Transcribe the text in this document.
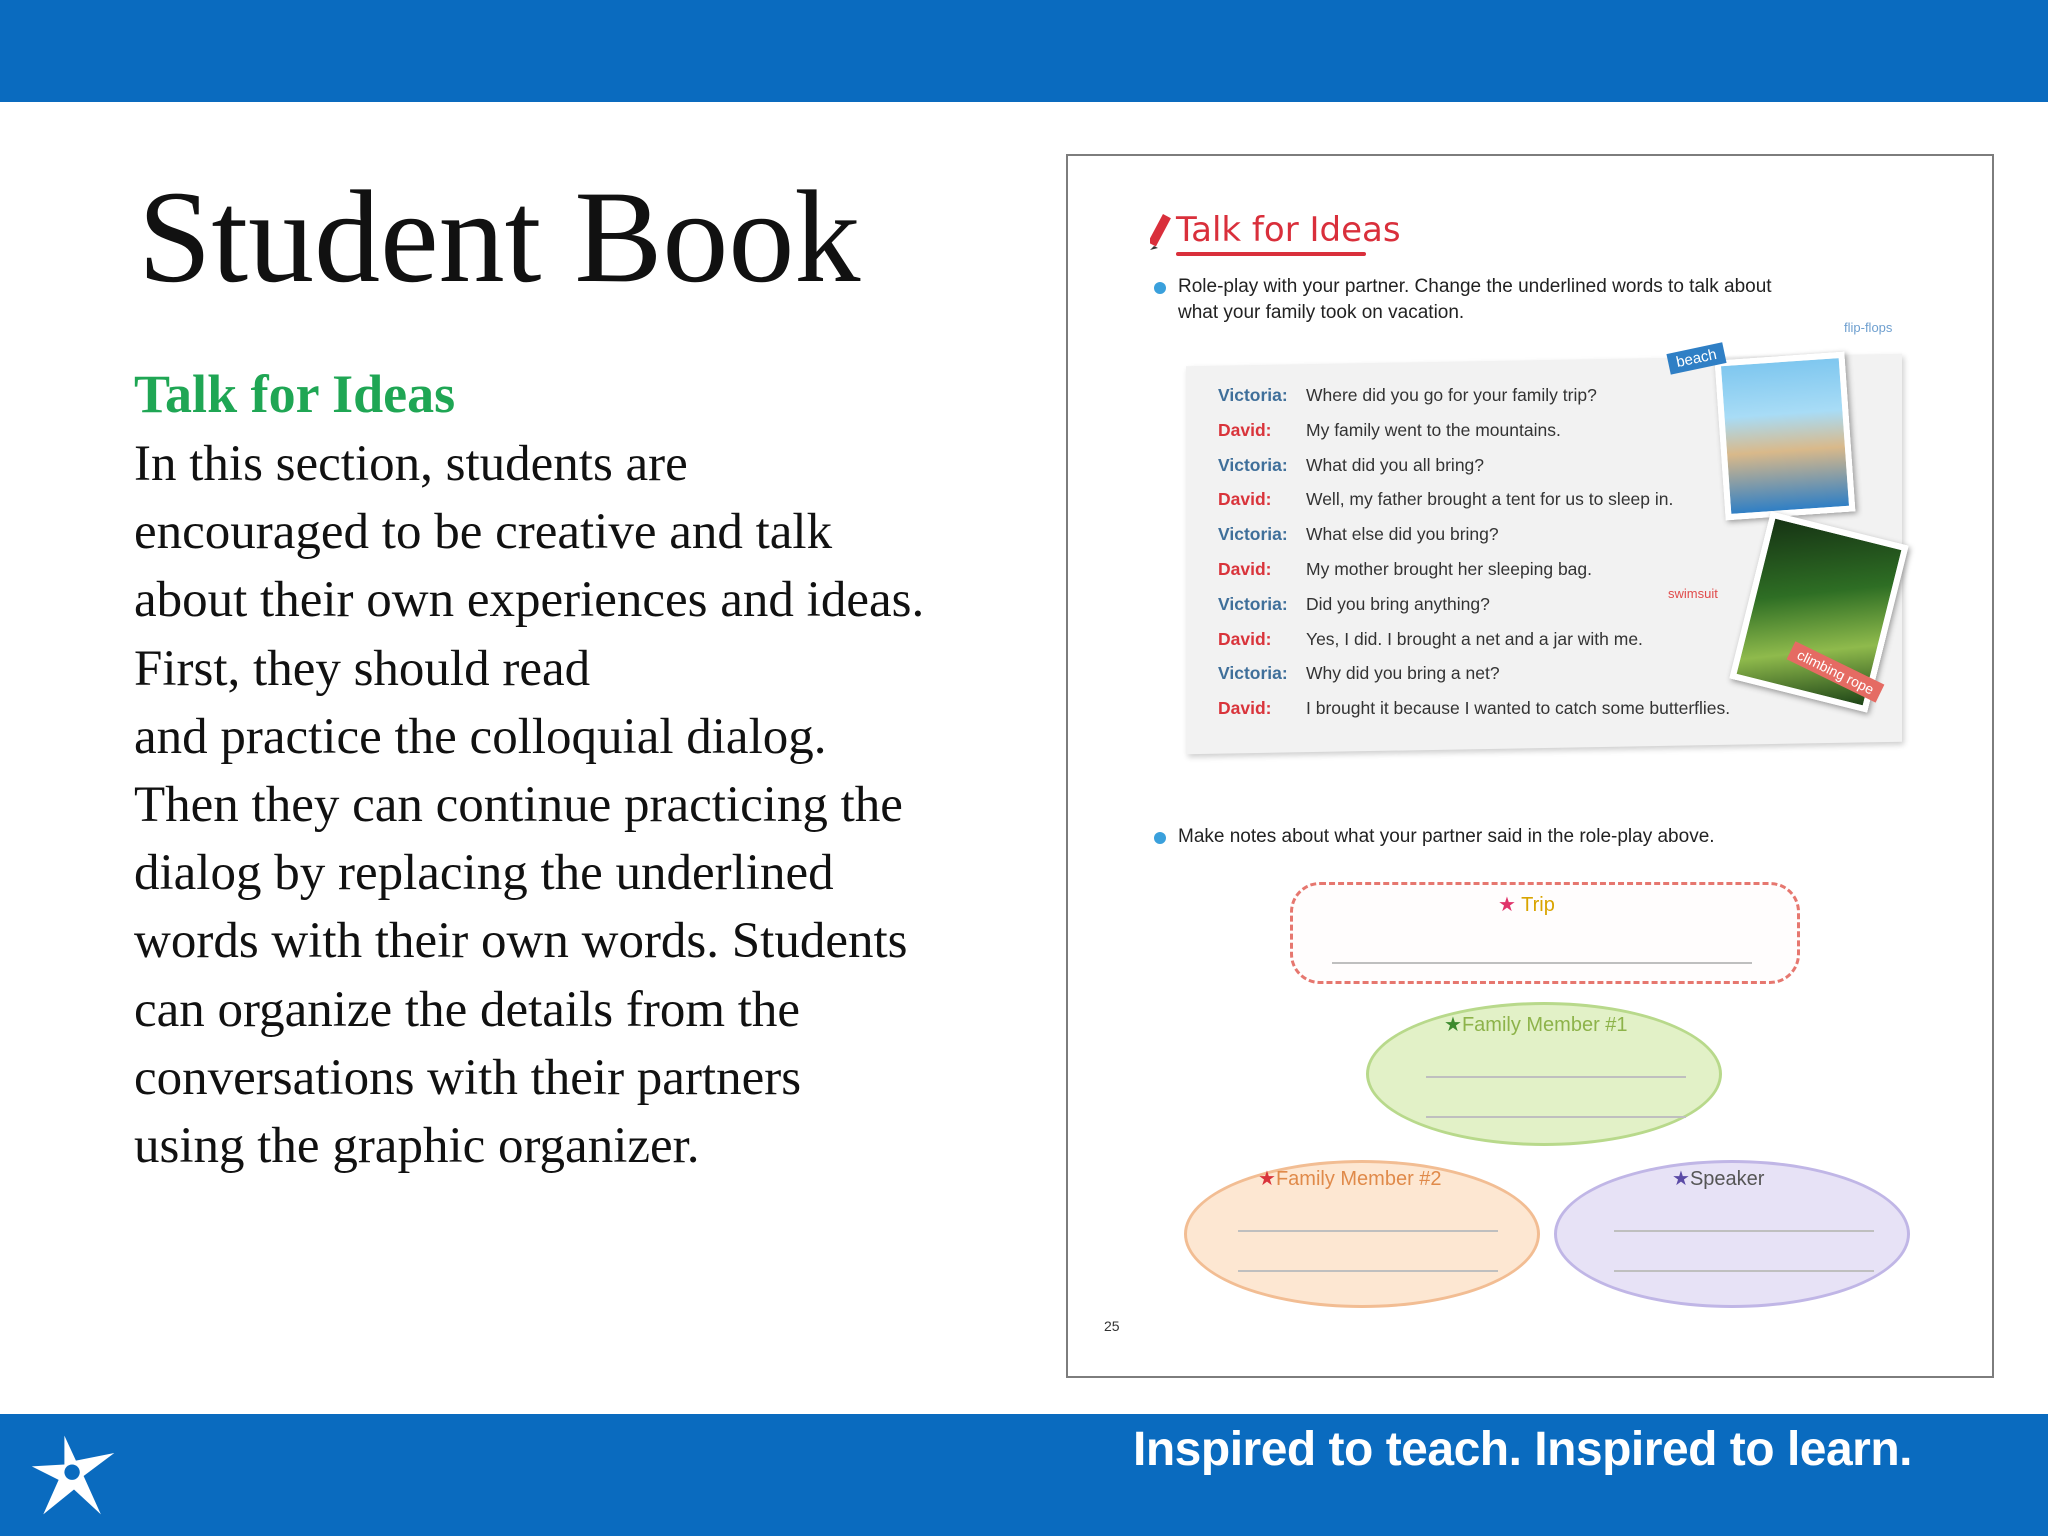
Student Book
Talk for Ideas
In this section, students are
encouraged to be creative and talk
about their own experiences and ideas.
First, they should read
and practice the colloquial dialog.
Then they can continue practicing the
dialog by replacing the underlined
words with their own words. Students
can organize the details from the
conversations with their partners
using the graphic organizer.
Talk for Ideas
Role-play with your partner. Change the underlined words to talk about
what your family took on vacation.
Victoria: Where did you go for your family trip?
David: My family went to the mountains.
Victoria: What did you all bring?
David: Well, my father brought a tent for us to sleep in.
Victoria: What else did you bring?
David: My mother brought her sleeping bag.
Victoria: Did you bring anything?
David: Yes, I did. I brought a net and a jar with me.
Victoria: Why did you bring a net?
David: I brought it because I wanted to catch some butterflies.
beach
flip-flops
climbing rope
swimsuit
Make notes about what your partner said in the role-play above.
★ Trip
★Family Member #1
★Family Member #2	★Speaker
25
Inspired to teach. Inspired to learn.
